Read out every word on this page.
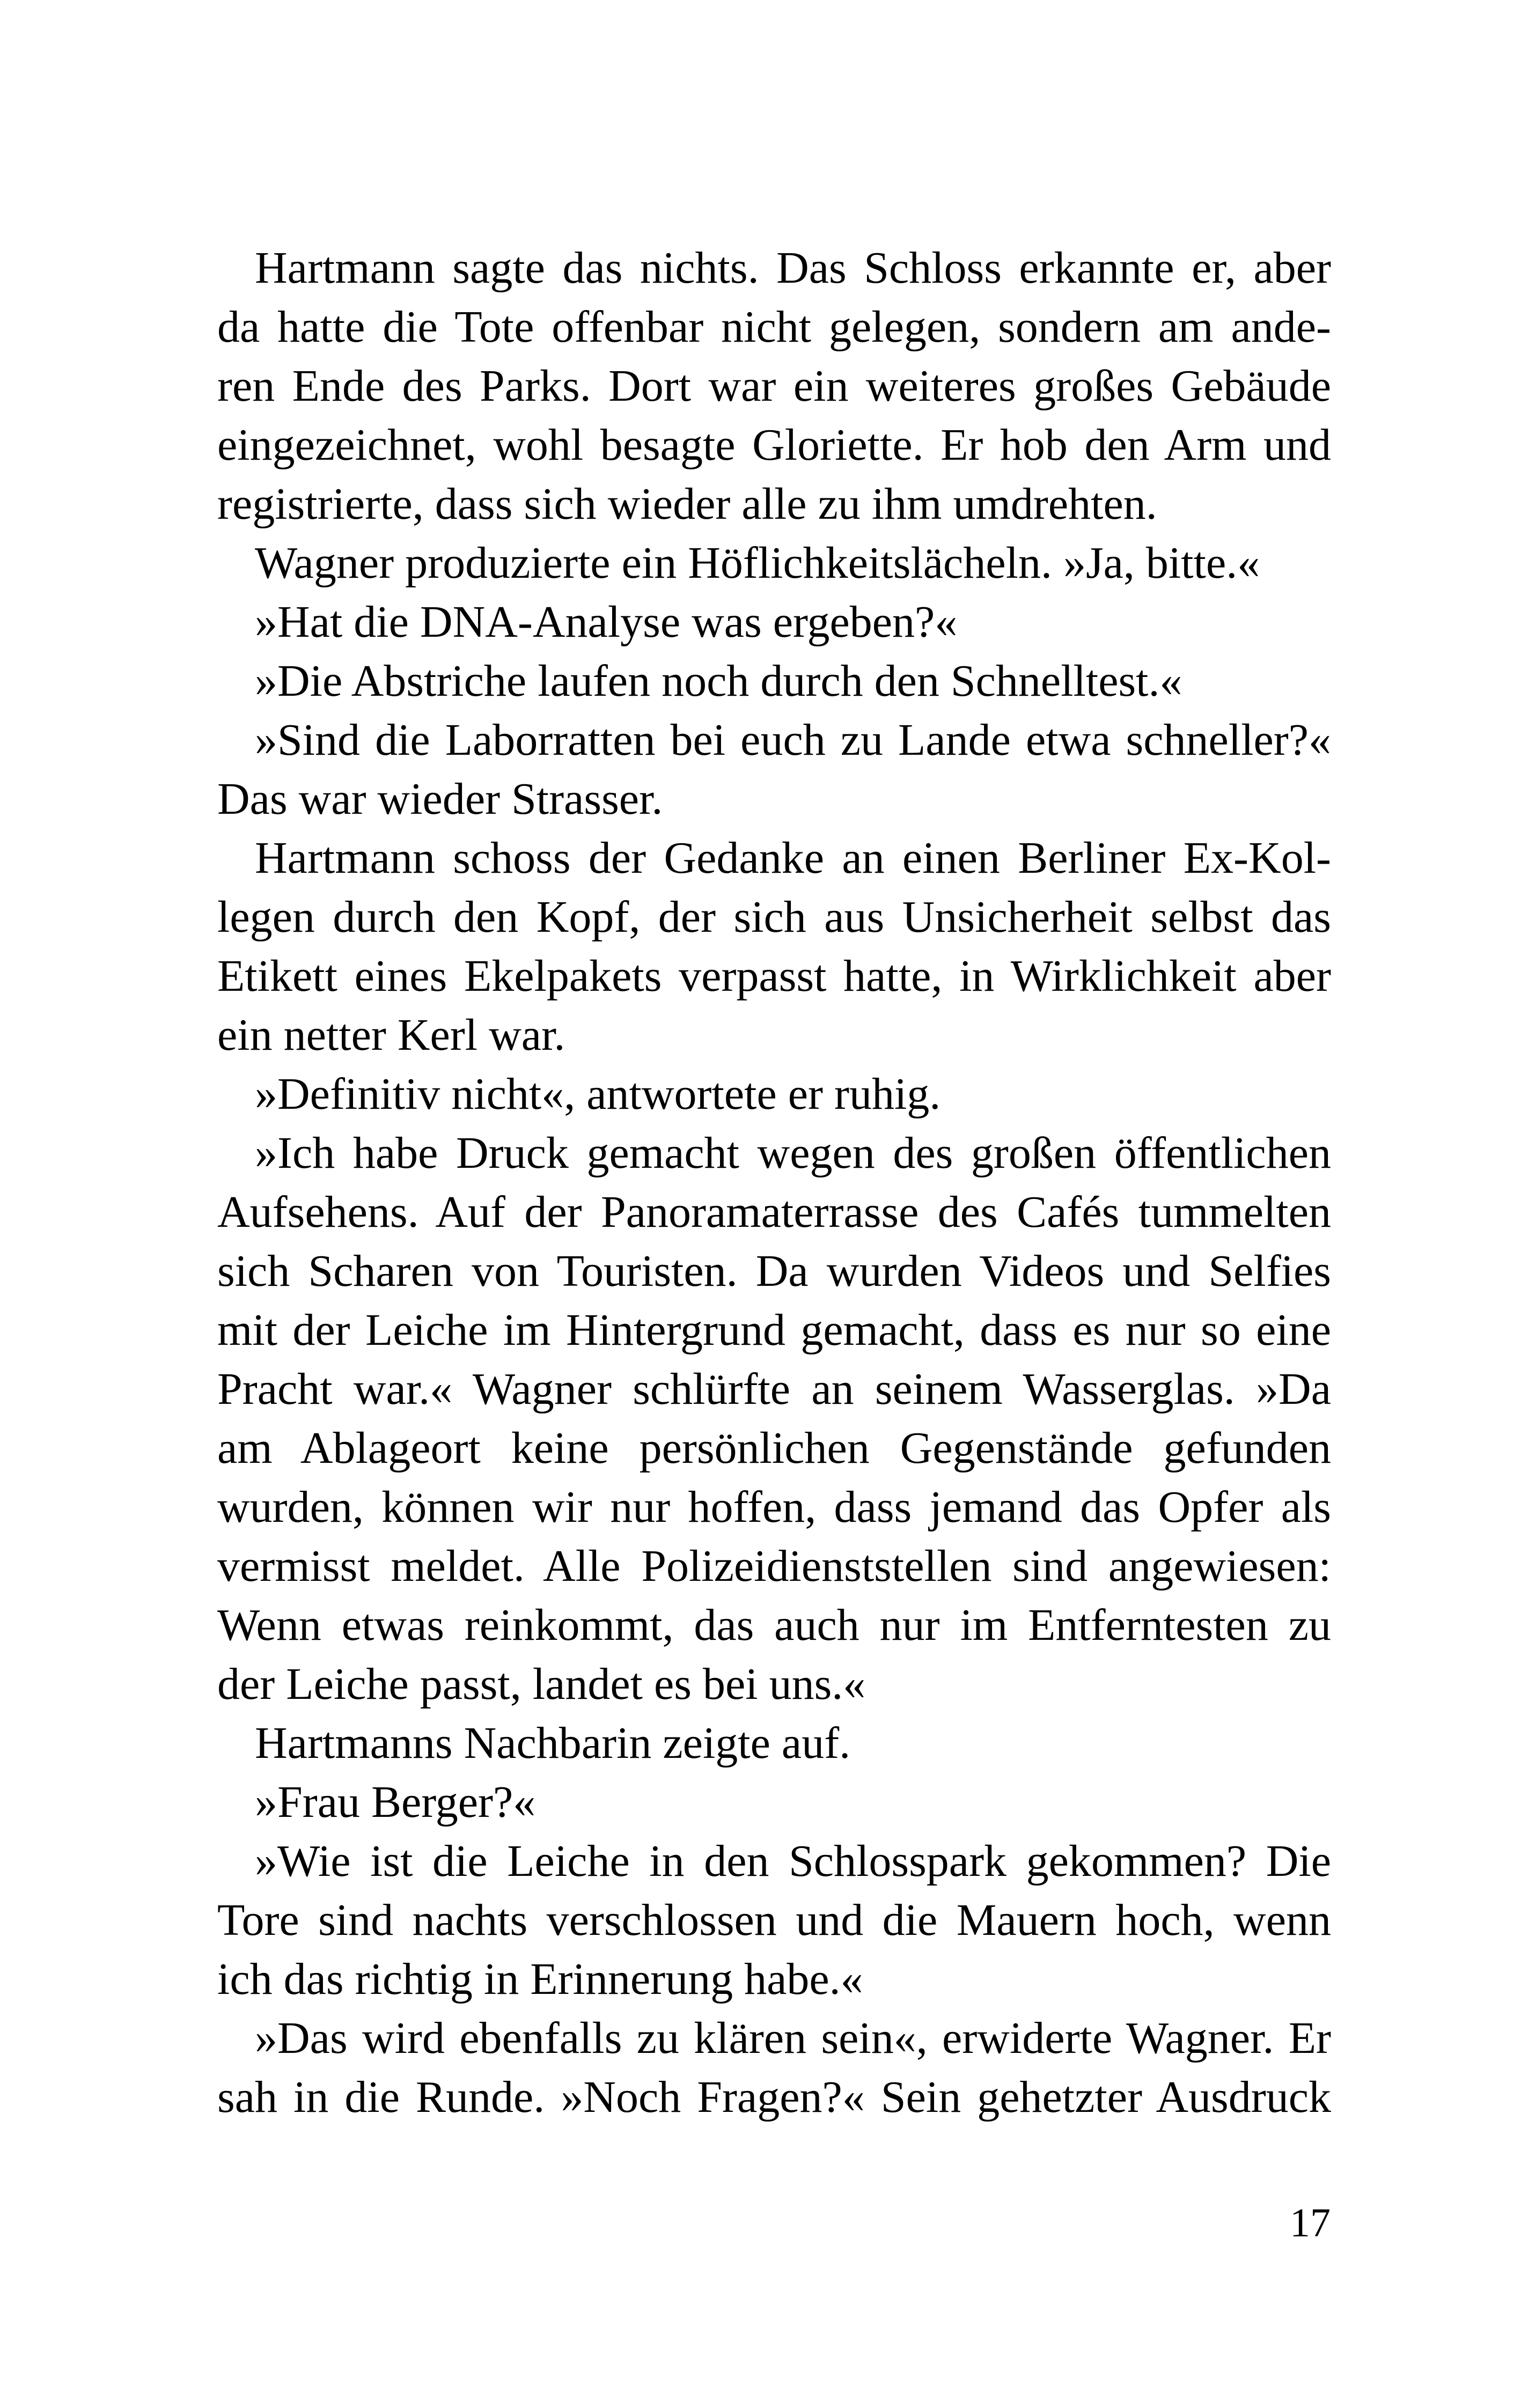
Hartmann sagte das nichts. Das Schloss erkannte er, aber
da hatte die Tote offenbar nicht gelegen, sondern am ande-
ren Ende des Parks. Dort war ein weiteres großes Gebäude
eingezeichnet, wohl besagte Gloriette. Er hob den Arm und
registrierte, dass sich wieder alle zu ihm umdrehten.
Wagner produzierte ein Höflichkeitslächeln. »Ja, bitte.«
»Hat die DNA-Analyse was ergeben?«
»Die Abstriche laufen noch durch den Schnelltest.«
»Sind die Laborratten bei euch zu Lande etwa schneller?«
Das war wieder Strasser.
Hartmann schoss der Gedanke an einen Berliner Ex-Kol-
legen durch den Kopf, der sich aus Unsicherheit selbst das
Etikett eines Ekelpakets verpasst hatte, in Wirklichkeit aber
ein netter Kerl war.
»Definitiv nicht«, antwortete er ruhig.
»Ich habe Druck gemacht wegen des großen öffentlichen
Aufsehens. Auf der Panoramaterrasse des Cafés tummelten
sich Scharen von Touristen. Da wurden Videos und Selfies
mit der Leiche im Hintergrund gemacht, dass es nur so eine
Pracht war.« Wagner schlürfte an seinem Wasserglas. »Da
am Ablageort keine persönlichen Gegenstände gefunden
wurden, können wir nur hoffen, dass jemand das Opfer als
vermisst meldet. Alle Polizeidienststellen sind angewiesen:
Wenn etwas reinkommt, das auch nur im Entferntesten zu
der Leiche passt, landet es bei uns.«
Hartmanns Nachbarin zeigte auf.
»Frau Berger?«
»Wie ist die Leiche in den Schlosspark gekommen? Die
Tore sind nachts verschlossen und die Mauern hoch, wenn
ich das richtig in Erinnerung habe.«
»Das wird ebenfalls zu klären sein«, erwiderte Wagner. Er
sah in die Runde. »Noch Fragen?« Sein gehetzter Ausdruck
17
